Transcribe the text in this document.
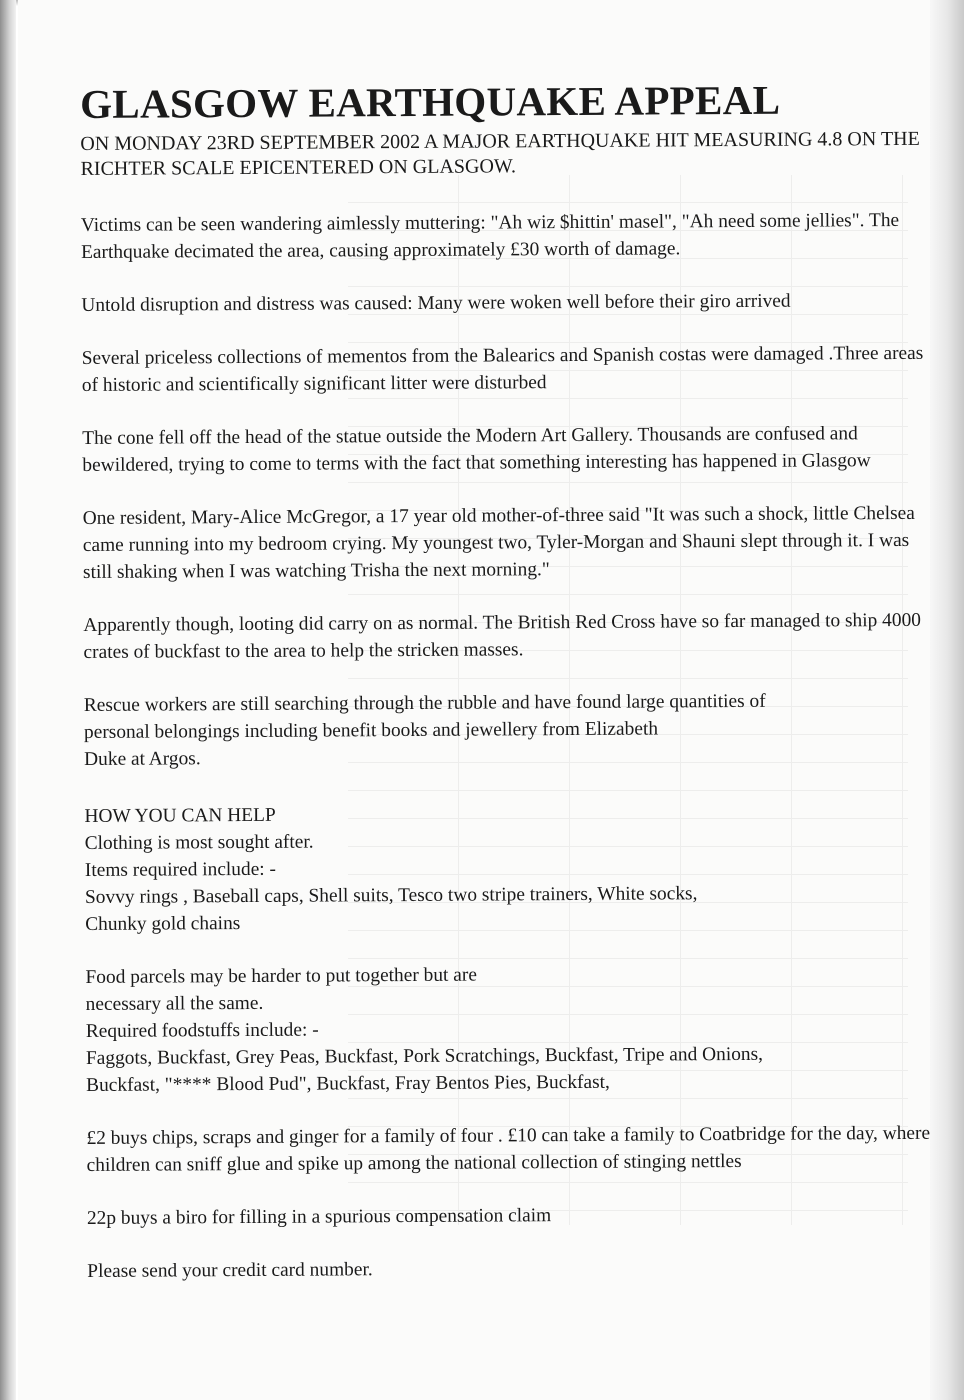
GLASGOW EARTHQUAKE APPEAL

ON MONDAY 23RD SEPTEMBER 2002 A MAJOR EARTHQUAKE HIT MEASURING 4.8 ON THE RICHTER SCALE EPICENTERED ON GLASGOW.

Victims can be seen wandering aimlessly muttering: "Ah wiz $hittin' masel", "Ah need some jellies". The Earthquake decimated the area, causing approximately £30 worth of damage.

Untold disruption and distress was caused: Many were woken well before their giro arrived

Several priceless collections of mementos from the Balearics and Spanish costas were damaged .Three areas of historic and scientifically significant litter were disturbed

The cone fell off the head of the statue outside the Modern Art Gallery. Thousands are confused and bewildered, trying to come to terms with the fact that something interesting has happened in Glasgow

One resident, Mary-Alice McGregor, a 17 year old mother-of-three said "It was such a shock, little Chelsea came running into my bedroom crying. My youngest two, Tyler-Morgan and Shauni slept through it. I was still shaking when I was watching Trisha the next morning."

Apparently though, looting did carry on as normal. The British Red Cross have so far managed to ship 4000 crates of buckfast to the area to help the stricken masses.

Rescue workers are still searching through the rubble and have found large quantities of
personal belongings including benefit books and jewellery from Elizabeth
Duke at Argos.

HOW YOU CAN HELP
Clothing is most sought after.
Items required include: -
Sovvy rings , Baseball caps, Shell suits, Tesco two stripe trainers, White socks,
Chunky gold chains
Food parcels may be harder to put together but are
necessary all the same.
Required foodstuffs include: -
Faggots, Buckfast, Grey Peas, Buckfast, Pork Scratchings, Buckfast, Tripe and Onions,
Buckfast, "**** Blood Pud", Buckfast, Fray Bentos Pies, Buckfast,

£2 buys chips, scraps and ginger for a family of four . £10 can take a family to Coatbridge for the day, where children can sniff glue and spike up among the national collection of stinging nettles

22p buys a biro for filling in a spurious compensation claim

Please send your credit card number.
